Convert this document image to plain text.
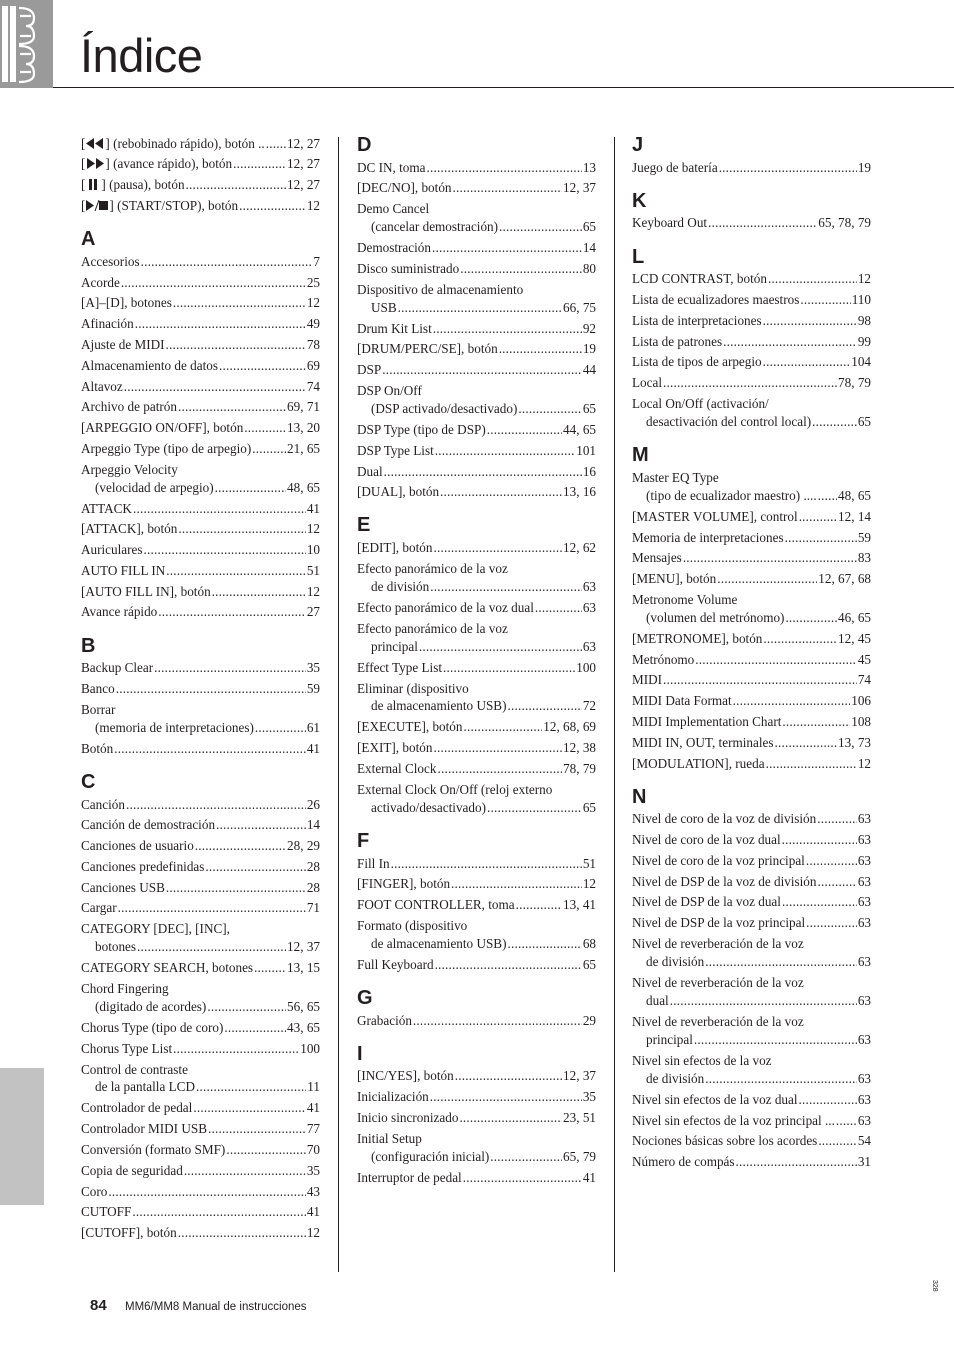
Índice
[ ] (rebobinado rápido), botón .. ..... 12, 27
[ ] (avance rápido), botón .....	12, 27
[ ] (pausa), botón .....	12, 27
[ ] (START/STOP), botón .....	12
A
Accesorios .....	7
Acorde .....	25
[A]–[D], botones .....	12
Afinación .....	49
Ajuste de MIDI .....	78
Almacenamiento de datos .....	69
Altavoz .....	74
Archivo de patrón .....	69, 71
[ARPEGGIO ON/OFF], botón .....	13, 20
Arpeggio Type (tipo de arpegio) .....	21, 65
Arpeggio Velocity
(velocidad de arpegio) .....	48, 65
ATTACK .....	41
[ATTACK], botón .....	12
Auriculares .....	10
AUTO FILL IN .....	51
[AUTO FILL IN], botón .....	12
Avance rápido .....	27
B
Backup Clear .....	35
Banco .....	59
Borrar
(memoria de interpretaciones) .....	61
Botón .....	41
C
Canción .....	26
Canción de demostración .....	14
Canciones de usuario .....	28, 29
Canciones predefinidas .....	28
Canciones USB .....	28
Cargar .....	71
CATEGORY [DEC], [INC],
botones .....	12, 37
CATEGORY SEARCH, botones .....	13, 15
Chord Fingering
(digitado de acordes) .....	56, 65
Chorus Type (tipo de coro) .....	43, 65
Chorus Type List .....	100
Control de contraste
de la pantalla LCD .....	11
Controlador de pedal .....	41
Controlador MIDI USB .....	77
Conversión (formato SMF) .....	70
Copia de seguridad .....	35
Coro .....	43
CUTOFF .....	41
[CUTOFF], botón .....	12
D
DC IN, toma .....	13
[DEC/NO], botón .....	12, 37
Demo Cancel
(cancelar demostración) .....	65
Demostración .....	14
Disco suministrado .....	80
Dispositivo de almacenamiento
USB .....	66, 75
Drum Kit List .....	92
[DRUM/PERC/SE], botón .....	19
DSP .....	44
DSP On/Off
(DSP activado/desactivado) .....	65
DSP Type (tipo de DSP) .....	44, 65
DSP Type List .....	101
Dual .....	16
[DUAL], botón .....	13, 16
E
[EDIT], botón .....	12, 62
Efecto panorámico de la voz
de división .....	63
Efecto panorámico de la voz dual .....	63
Efecto panorámico de la voz
principal .....	63
Effect Type List .....	100
Eliminar (dispositivo
de almacenamiento USB) .....	72
[EXECUTE], botón .....	12, 68, 69
[EXIT], botón .....	12, 38
External Clock .....	78, 79
External Clock On/Off (reloj externo
activado/desactivado) .....	65
F
Fill In .....	51
[FINGER], botón .....	12
FOOT CONTROLLER, toma .....	13, 41
Formato (dispositivo
de almacenamiento USB) .....	68
Full Keyboard .....	65
G
Grabación .....	29
I
[INC/YES], botón .....	12, 37
Inicialización .....	35
Inicio sincronizado .....	23, 51
Initial Setup
(configuración inicial) .....	65, 79
Interruptor de pedal .....	41
J
Juego de batería .....	19
K
Keyboard Out .....	65, 78, 79
L
LCD CONTRAST, botón .....	12
Lista de ecualizadores maestros .....	110
Lista de interpretaciones .....	98
Lista de patrones .....	99
Lista de tipos de arpegio .....	104
Local .....	78, 79
Local On/Off (activación/
desactivación del control local) .....	65
M
Master EQ Type
(tipo de ecualizador maestro) .... ..... 48, 65
[MASTER VOLUME], control .....	12, 14
Memoria de interpretaciones .....	59
Mensajes .....	83
[MENU], botón .....	12, 67, 68
Metronome Volume
(volumen del metrónomo) .....	46, 65
[METRONOME], botón .....	12, 45
Metrónomo .....	45
MIDI .....	74
MIDI Data Format .....	106
MIDI Implementation Chart .....	108
MIDI IN, OUT, terminales .....	13, 73
[MODULATION], rueda .....	12
N
Nivel de coro de la voz de división .....	63
Nivel de coro de la voz dual .....	63
Nivel de coro de la voz principal .....	63
Nivel de DSP de la voz de división .....	63
Nivel de DSP de la voz dual .....	63
Nivel de DSP de la voz principal .....	63
Nivel de reverberación de la voz
de división .....	63
Nivel de reverberación de la voz
dual .....	63
Nivel de reverberación de la voz
principal .....	63
Nivel sin efectos de la voz
de división .....	63
Nivel sin efectos de la voz dual .....	63
Nivel sin efectos de la voz principal ... ..... 63
Nociones básicas sobre los acordes .....	54
Número de compás .....	31
84 MM6/MM8 Manual de instrucciones
328
